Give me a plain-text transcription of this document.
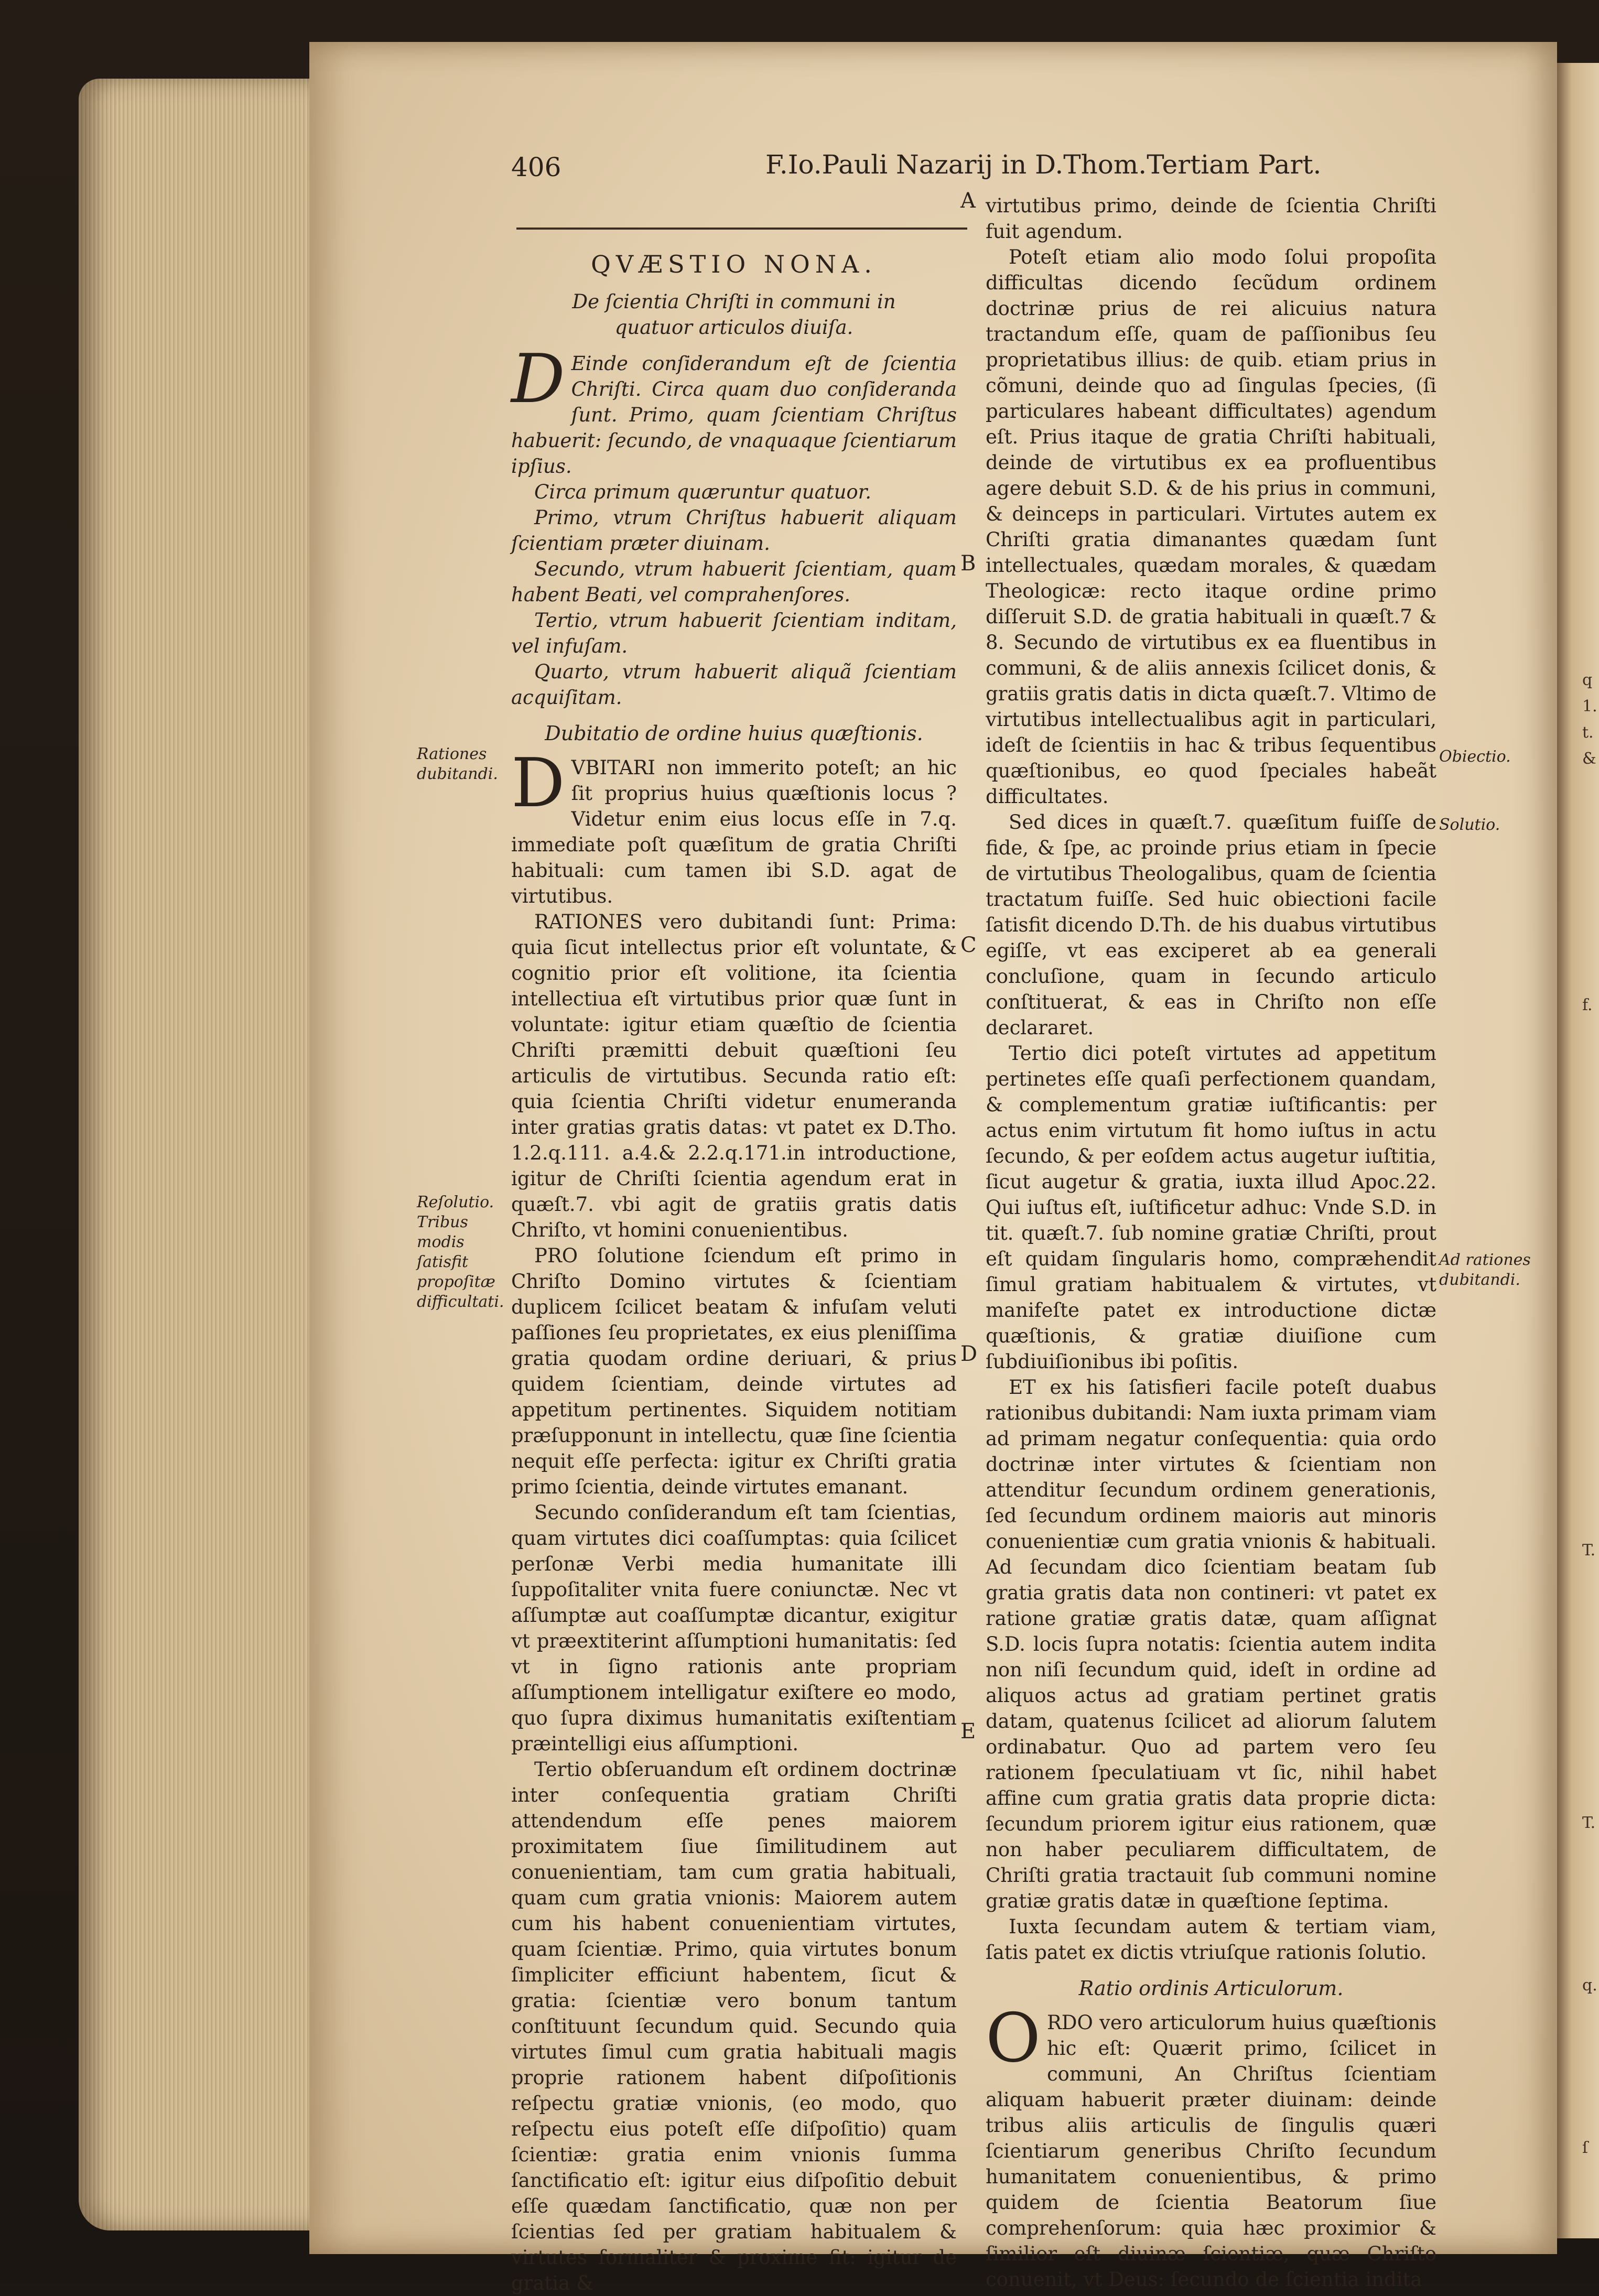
q
1.
t.
&
f.
T.
T.
q.
ſ
406	F.Io.Pauli Nazarij in D.Thom.Tertiam Part.
A
B
C
D
E
Rationes dubitandi.
Reſolutio. Tribus modis ſatisfit propoſitæ difficultati.
Obiectio.
Solutio.
Ad rationes dubitandi.

QVÆSTIO NONA.

De ſcientia Chriſti in communi in quatuor articulos diuiſa.

D Einde conſiderandum eſt de ſcientia Chriſti. Circa quam duo conſideranda ſunt. Primo, quam ſcientiam Chriſtus habuerit: ſecundo, de vnaquaque ſcientiarum ipſius.

Circa primum quæruntur quatuor.

Primo, vtrum Chriſtus habuerit aliquam ſcientiam præter diuinam.

Secundo, vtrum habuerit ſcientiam, quam habent Beati, vel comprahenſores.

Tertio, vtrum habuerit ſcientiam inditam, vel infuſam.

Quarto, vtrum habuerit aliquã ſcientiam acquiſitam.

Dubitatio de ordine huius quæſtionis.

DVBITARI non immerito poteſt; an hic ſit proprius huius quæſtionis locus ? Videtur enim eius locus eſſe in 7.q. immediate poſt quæſitum de gratia Chriſti habituali: cum tamen ibi S.D. agat de virtutibus.

RATIONES vero dubitandi ſunt: Prima: quia ſicut intellectus prior eſt voluntate, & cognitio prior eſt volitione, ita ſcientia intellectiua eſt virtutibus prior quæ ſunt in voluntate: igitur etiam quæſtio de ſcientia Chriſti præmitti debuit quæſtioni ſeu articulis de virtutibus. Secunda ratio eſt: quia ſcientia Chriſti videtur enumeranda inter gratias gratis datas: vt patet ex D.Tho. 1.2.q.111. a.4.& 2.2.q.171.in introductione, igitur de Chriſti ſcientia agendum erat in quæſt.7. vbi agit de gratiis gratis datis Chriſto, vt homini conuenientibus.

PRO ſolutione ſciendum eſt primo in Chriſto Domino virtutes & ſcientiam duplicem ſcilicet beatam & infuſam veluti paſſiones ſeu proprietates, ex eius pleniſſima gratia quodam ordine deriuari, & prius quidem ſcientiam, deinde virtutes ad appetitum pertinentes. Siquidem notitiam præſupponunt in intellectu, quæ ſine ſcientia nequit eſſe perfecta: igitur ex Chriſti gratia primo ſcientia, deinde virtutes emanant.

Secundo conſiderandum eſt tam ſcientias, quam virtutes dici coaſſumptas: quia ſcilicet perſonæ Verbi media humanitate illi ſuppoſitaliter vnita fuere coniunctæ. Nec vt aſſumptæ aut coaſſumptæ dicantur, exigitur vt præextiterint aſſumptioni humanitatis: ſed vt in ſigno rationis ante propriam aſſumptionem intelligatur exiſtere eo modo, quo ſupra diximus humanitatis exiſtentiam præintelligi eius aſſumptioni.

Tertio obſeruandum eſt ordinem doctrinæ inter conſequentia gratiam Chriſti attendendum eſſe penes maiorem proximitatem ſiue ſimilitudinem aut conuenientiam, tam cum gratia habituali, quam cum gratia vnionis: Maiorem autem cum his habent conuenientiam virtutes, quam ſcientiæ. Primo, quia virtutes bonum ſimpliciter efficiunt habentem, ſicut & gratia: ſcientiæ vero bonum tantum conſtituunt ſecundum quid. Secundo quia virtutes ſimul cum gratia habituali magis proprie rationem habent diſpoſitionis reſpectu gratiæ vnionis, (eo modo, quo reſpectu eius poteſt eſſe diſpoſitio) quam ſcientiæ: gratia enim vnionis ſumma ſanctificatio eſt: igitur eius diſpoſitio debuit eſſe quædam ſanctificatio, quæ non per ſcientias ſed per gratiam habitualem & virtutes formaliter & proxime fit: igitur de gratia &

virtutibus primo, deinde de ſcientia Chriſti fuit agendum.

Poteſt etiam alio modo ſolui propoſita difficultas dicendo ſecũdum ordinem doctrinæ prius de rei alicuius natura tractandum eſſe, quam de paſſionibus ſeu proprietatibus illius: de quib. etiam prius in cõmuni, deinde quo ad ſingulas ſpecies, (ſi particulares habeant difficultates) agendum eſt. Prius itaque de gratia Chriſti habituali, deinde de virtutibus ex ea profluentibus agere debuit S.D. & de his prius in communi, & deinceps in particulari. Virtutes autem ex Chriſti gratia dimanantes quædam ſunt intellectuales, quædam morales, & quædam Theologicæ: recto itaque ordine primo diſſeruit S.D. de gratia habituali in quæſt.7 & 8. Secundo de virtutibus ex ea fluentibus in communi, & de aliis annexis ſcilicet donis, & gratiis gratis datis in dicta quæſt.7. Vltimo de virtutibus intellectualibus agit in particulari, ideſt de ſcientiis in hac & tribus ſequentibus quæſtionibus, eo quod ſpeciales habeãt difficultates.

Sed dices in quæſt.7. quæſitum fuiſſe de fide, & ſpe, ac proinde prius etiam in ſpecie de virtutibus Theologalibus, quam de ſcientia tractatum fuiſſe. Sed huic obiectioni facile ſatisfit dicendo D.Th. de his duabus virtutibus egiſſe, vt eas exciperet ab ea generali concluſione, quam in ſecundo articulo conſtituerat, & eas in Chriſto non eſſe declararet.

Tertio dici poteſt virtutes ad appetitum pertinetes eſſe quaſi perfectionem quandam, & complementum gratiæ iuſtificantis: per actus enim virtutum fit homo iuſtus in actu ſecundo, & per eoſdem actus augetur iuſtitia, ſicut augetur & gratia, iuxta illud Apoc.22. Qui iuſtus eſt, iuſtificetur adhuc: Vnde S.D. in tit. quæſt.7. ſub nomine gratiæ Chriſti, prout eſt quidam ſingularis homo, compræhendit ſimul gratiam habitualem & virtutes, vt manifeſte patet ex introductione dictæ quæſtionis, & gratiæ diuiſione cum ſubdiuiſionibus ibi poſitis.

ET ex his ſatisfieri facile poteſt duabus rationibus dubitandi: Nam iuxta primam viam ad primam negatur conſequentia: quia ordo doctrinæ inter virtutes & ſcientiam non attenditur ſecundum ordinem generationis, ſed ſecundum ordinem maioris aut minoris conuenientiæ cum gratia vnionis & habituali. Ad ſecundam dico ſcientiam beatam ſub gratia gratis data non contineri: vt patet ex ratione gratiæ gratis datæ, quam aſſignat S.D. locis ſupra notatis: ſcientia autem indita non niſi ſecundum quid, ideſt in ordine ad aliquos actus ad gratiam pertinet gratis datam, quatenus ſcilicet ad aliorum ſalutem ordinabatur. Quo ad partem vero ſeu rationem ſpeculatiuam vt ſic, nihil habet affine cum gratia gratis data proprie dicta: ſecundum priorem igitur eius rationem, quæ non haber peculiarem difficultatem, de Chriſti gratia tractauit ſub communi nomine gratiæ gratis datæ in quæſtione ſeptima.

Iuxta ſecundam autem & tertiam viam, ſatis patet ex dictis vtriuſque rationis ſolutio.

Ratio ordinis Articulorum.

ORDO vero articulorum huius quæſtionis hic eſt: Quærit primo, ſcilicet in communi, An Chriſtus ſcientiam aliquam habuerit præter diuinam: deinde tribus aliis articulis de ſingulis quæri ſcientiarum generibus Chriſto ſecundum humanitatem conuenientibus, & primo quidem de ſcientia Beatorum ſiue comprehenſorum: quia hæc proximior & ſimilior eſt diuinæ ſcientiæ, quæ Chriſto conuenit, vt Deus: ſecundo de ſcientia indita
